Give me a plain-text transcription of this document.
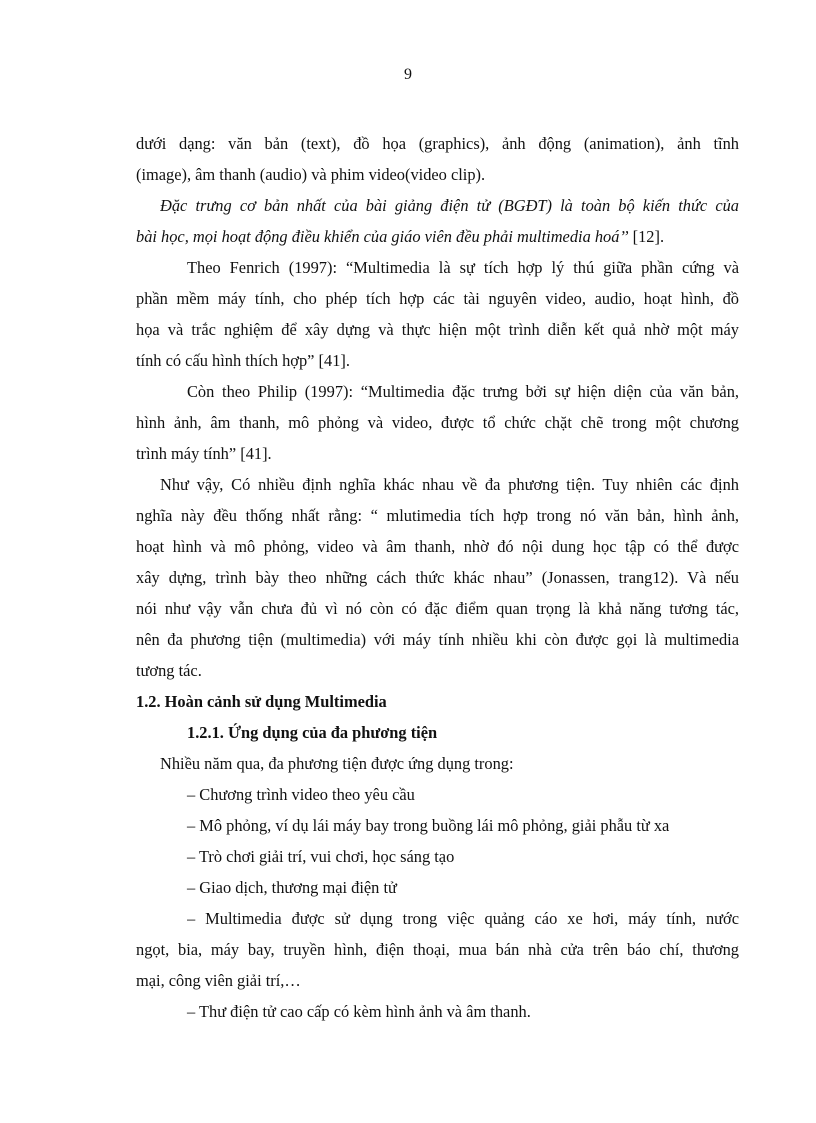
9
dưới dạng: văn bản (text), đồ họa (graphics), ảnh động (animation), ảnh tĩnh
(image), âm thanh (audio) và phim video(video clip).
Đặc trưng cơ bản nhất của bài giảng điện tử (BGĐT) là toàn bộ kiến thức của
bài học, mọi hoạt động điều khiển của giáo viên đều phải multimedia hoá’’ [12].
Theo Fenrich (1997): “Multimedia là sự tích hợp lý thú giữa phần cứng và
phần mềm máy tính, cho phép tích hợp các tài nguyên video, audio, hoạt hình, đồ
họa và trắc nghiệm để xây dựng và thực hiện một trình diễn kết quả nhờ một máy
tính có cấu hình thích hợp” [41].
Còn theo Philip (1997): “Multimedia đặc trưng bởi sự hiện diện của văn bản,
hình ảnh, âm thanh, mô phỏng và video, được tổ chức chặt chẽ trong một chương
trình máy tính” [41].
Như vậy, Có nhiều định nghĩa khác nhau về đa phương tiện. Tuy nhiên các định
nghĩa này đều thống nhất rằng: “ mlutimedia tích hợp trong nó văn bản, hình ảnh,
hoạt hình và mô phỏng, video và âm thanh, nhờ đó nội dung học tập có thể được
xây dựng, trình bày theo những cách thức khác nhau” (Jonassen, trang12). Và nếu
nói như vậy vẫn chưa đủ vì nó còn có đặc điểm quan trọng là khả năng tương tác,
nên đa phương tiện (multimedia) với máy tính nhiều khi còn được gọi là multimedia
tương tác.
1.2. Hoàn cảnh sử dụng Multimedia
1.2.1. Ứng dụng của đa phương tiện
Nhiều năm qua, đa phương tiện được ứng dụng trong:
– Chương trình video theo yêu cầu
– Mô phỏng, ví dụ lái máy bay trong buồng lái mô phỏng, giải phẫu từ xa
– Trò chơi giải trí, vui chơi, học sáng tạo
– Giao dịch, thương mại điện tử
– Multimedia được sử dụng trong việc quảng cáo xe hơi, máy tính, nước
ngọt, bia, máy bay, truyền hình, điện thoại, mua bán nhà cửa trên báo chí, thương
mại, công viên giải trí,…
– Thư điện tử cao cấp có kèm hình ảnh và âm thanh.
